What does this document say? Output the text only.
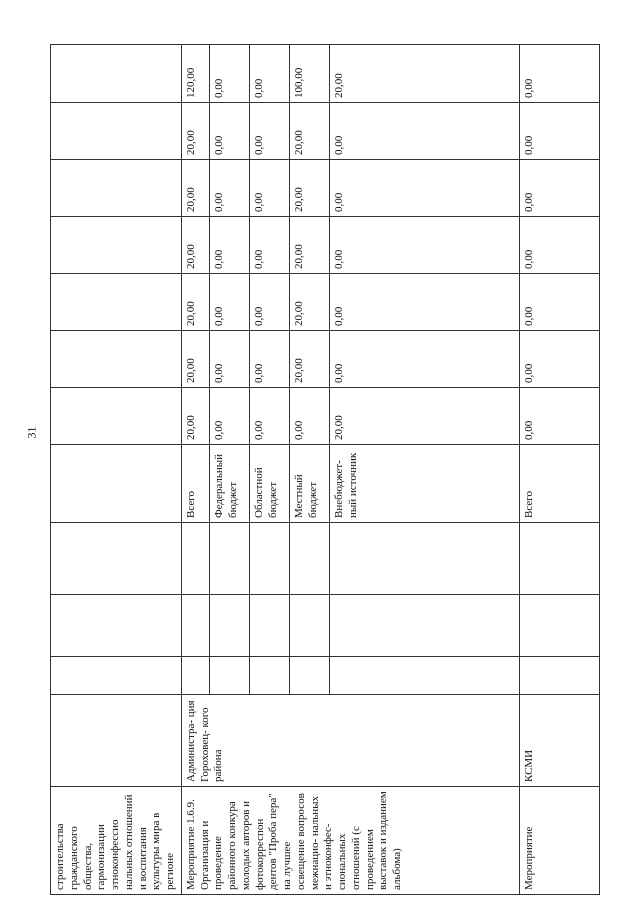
31
строительства гражданского общества, гармонизации этноконфессио нальных отношений и воспитания культуры мира в регионе												
Мероприятие 1.6.9. Организация и проведение районного конкура молодых авторов и фотокорреспон дентов "Проба пера" на лучшее освещение вопросов межнацио- нальных и этноконфес- сиональных отношений (с проведением выставок и изданием альбома)	Администра- ция Гороховец- кого района				Всего	20,00	20,00	20,00	20,00	20,00	20,00	120,00
					Федеральный бюджет	0,00	0,00	0,00	0,00	0,00	0,00	0,00
					Областной бюджет	0,00	0,00	0,00	0,00	0,00	0,00	0,00
					Местный бюджет	0,00	20,00	20,00	20,00	20,00	20,00	100,00
					Внебюджет- ный источник	20,00	0,00	0,00	0,00	0,00	0,00	20,00
Мероприятие	КСМИ				Всего	0,00	0,00	0,00	0,00	0,00	0,00	0,00
